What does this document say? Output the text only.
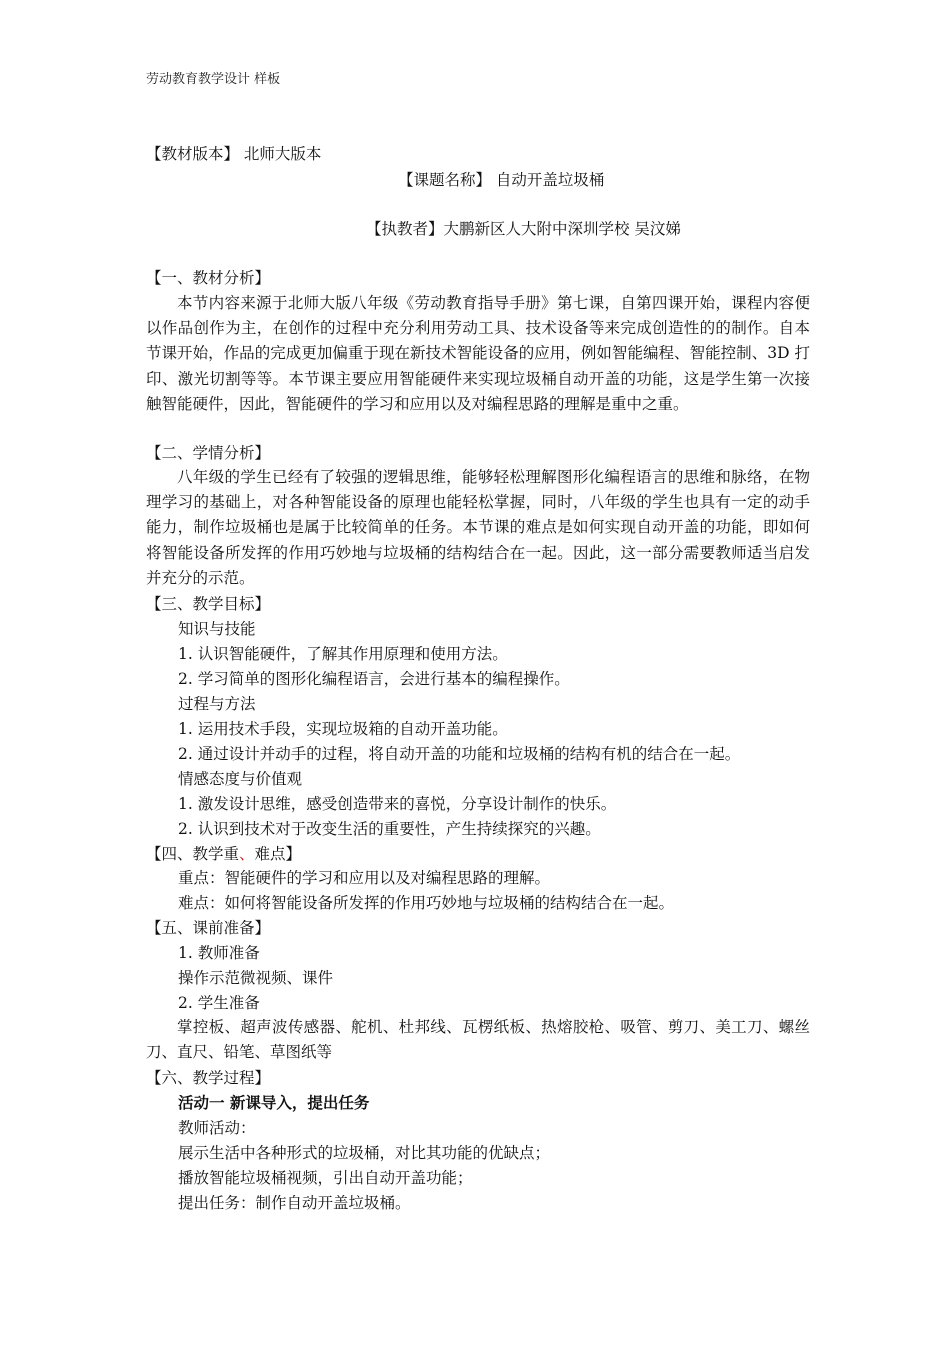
劳动教育教学设计 样板
【教材版本】 北师大版本
【课题名称】 自动开盖垃圾桶
【执教者】大鹏新区人大附中深圳学校 吴汶娣
【一、教材分析】

本节内容来源于北师大版八年级《劳动教育指导手册》第七课，自第四课开始，课程内容便以作品创作为主，在创作的过程中充分利用劳动工具、技术设备等来完成创造性的的制作。自本节课开始，作品的完成更加偏重于现在新技术智能设备的应用，例如智能编程、智能控制、3D 打印、激光切割等等。本节课主要应用智能硬件来实现垃圾桶自动开盖的功能，这是学生第一次接触智能硬件，因此，智能硬件的学习和应用以及对编程思路的理解是重中之重。

【二、学情分析】

八年级的学生已经有了较强的逻辑思维，能够轻松理解图形化编程语言的思维和脉络，在物理学习的基础上，对各种智能设备的原理也能轻松掌握，同时，八年级的学生也具有一定的动手能力，制作垃圾桶也是属于比较简单的任务。本节课的难点是如何实现自动开盖的功能，即如何将智能设备所发挥的作用巧妙地与垃圾桶的结构结合在一起。因此，这一部分需要教师适当启发并充分的示范。

【三、教学目标】
知识与技能
1. 认识智能硬件，了解其作用原理和使用方法。
2. 学习简单的图形化编程语言，会进行基本的编程操作。
过程与方法
1. 运用技术手段，实现垃圾箱的自动开盖功能。
2. 通过设计并动手的过程，将自动开盖的功能和垃圾桶的结构有机的结合在一起。
情感态度与价值观
1. 激发设计思维，感受创造带来的喜悦，分享设计制作的快乐。
2. 认识到技术对于改变生活的重要性，产生持续探究的兴趣。
【四、教学重、难点】
重点：智能硬件的学习和应用以及对编程思路的理解。
难点：如何将智能设备所发挥的作用巧妙地与垃圾桶的结构结合在一起。
【五、课前准备】
1. 教师准备
操作示范微视频、课件
2. 学生准备

掌控板、超声波传感器、舵机、杜邦线、瓦楞纸板、热熔胶枪、吸管、剪刀、美工刀、螺丝刀、直尺、铅笔、草图纸等

【六、教学过程】
活动一 新课导入，提出任务
教师活动：
展示生活中各种形式的垃圾桶，对比其功能的优缺点；
播放智能垃圾桶视频，引出自动开盖功能；
提出任务：制作自动开盖垃圾桶。
